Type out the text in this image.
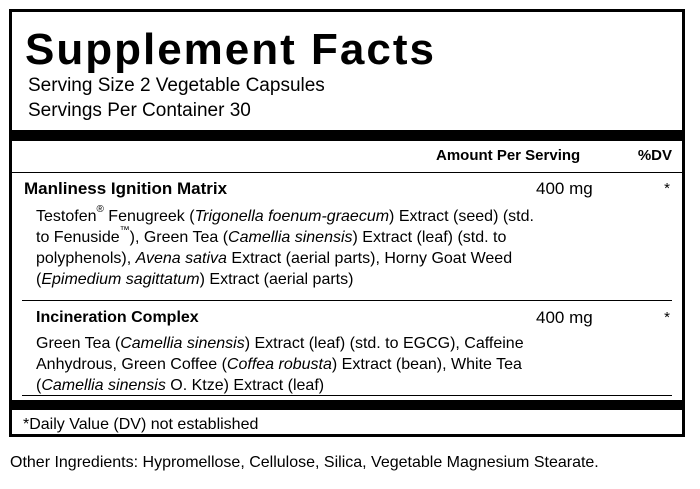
Supplement Facts
Serving Size 2 Vegetable Capsules
Servings Per Container 30
Amount Per Serving	%DV
Manliness Ignition Matrix	400 mg	*
Testofen® Fenugreek (Trigonella foenum-graecum) Extract (seed) (std. to Fenuside™), Green Tea (Camellia sinensis) Extract (leaf) (std. to polyphenols), Avena sativa Extract (aerial parts), Horny Goat Weed (Epimedium sagittatum) Extract (aerial parts)
Incineration Complex	400 mg	*
Green Tea (Camellia sinensis) Extract (leaf) (std. to EGCG), Caffeine Anhydrous, Green Coffee (Coffea robusta) Extract (bean), White Tea (Camellia sinensis O. Ktze) Extract (leaf)
*Daily Value (DV) not established
Other Ingredients: Hypromellose, Cellulose, Silica, Vegetable Magnesium Stearate.
